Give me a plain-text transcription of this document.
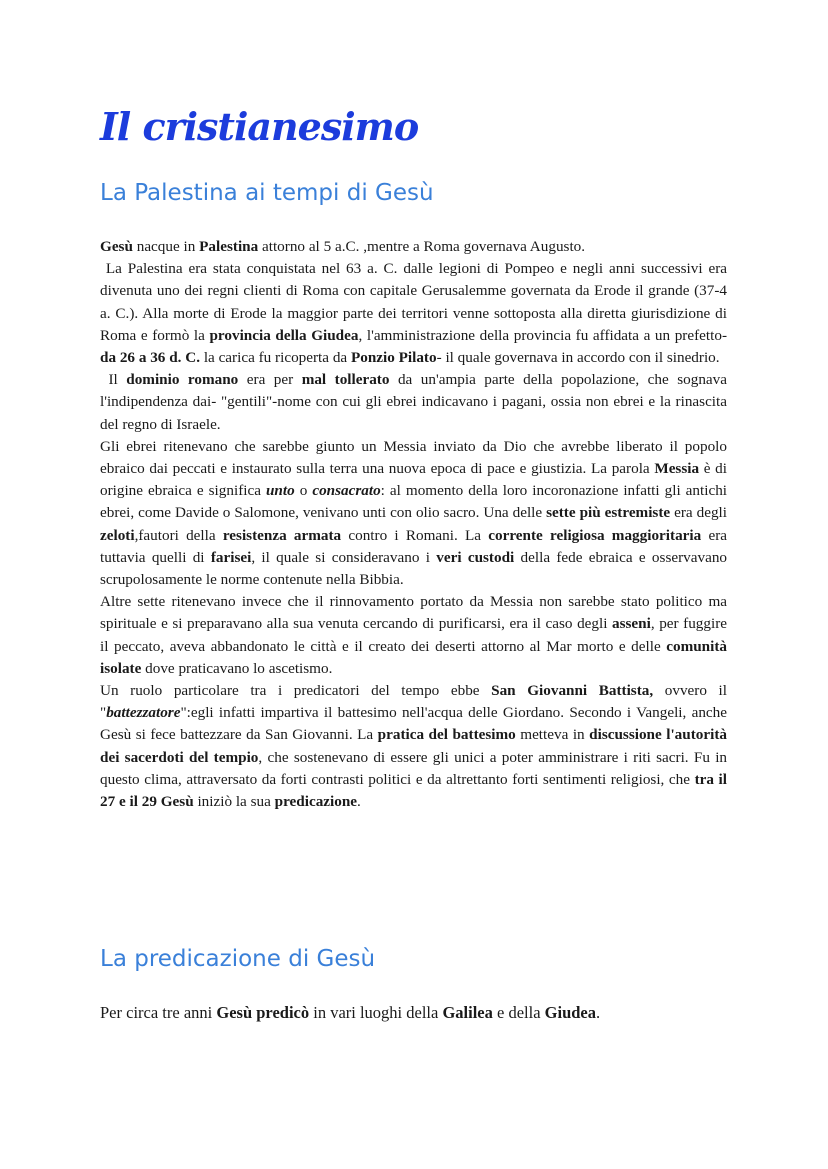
Il cristianesimo
La Palestina ai tempi di Gesù

Gesù nacque in Palestina attorno al 5 a.C. ,mentre a Roma governava Augusto.

La Palestina era stata conquistata nel 63 a. C. dalle legioni di Pompeo e negli anni successivi era divenuta uno dei regni clienti di Roma con capitale Gerusalemme governata da Erode il grande (37-4 a. C.). Alla morte di Erode la maggior parte dei territori venne sottoposta alla diretta giurisdizione di Roma e formò la provincia della Giudea, l'amministrazione della provincia fu affidata a un prefetto-da 26 a 36 d. C. la carica fu ricoperta da Ponzio Pilato- il quale governava in accordo con il sinedrio.

Il dominio romano era per mal tollerato da un'ampia parte della popolazione, che sognava l'indipendenza dai- "gentili"-nome con cui gli ebrei indicavano i pagani, ossia non ebrei e la rinascita del regno di Israele.

Gli ebrei ritenevano che sarebbe giunto un Messia inviato da Dio che avrebbe liberato il popolo ebraico dai peccati e instaurato sulla terra una nuova epoca di pace e giustizia. La parola Messia è di origine ebraica e significa unto o consacrato: al momento della loro incoronazione infatti gli antichi ebrei, come Davide o Salomone, venivano unti con olio sacro. Una delle sette più estremiste era degli zeloti,fautori della resistenza armata contro i Romani. La corrente religiosa maggioritaria era tuttavia quelli di farisei, il quale si consideravano i veri custodi della fede ebraica e osservavano scrupolosamente le norme contenute nella Bibbia.

Altre sette ritenevano invece che il rinnovamento portato da Messia non sarebbe stato politico ma spirituale e si preparavano alla sua venuta cercando di purificarsi, era il caso degli asseni, per fuggire il peccato, aveva abbandonato le città e il creato dei deserti attorno al Mar morto e delle comunità isolate dove praticavano lo ascetismo.

Un ruolo particolare tra i predicatori del tempo ebbe San Giovanni Battista, ovvero il "battezzatore":egli infatti impartiva il battesimo nell'acqua delle Giordano. Secondo i Vangeli, anche Gesù si fece battezzare da San Giovanni. La pratica del battesimo metteva in discussione l'autorità dei sacerdoti del tempio, che sostenevano di essere gli unici a poter amministrare i riti sacri. Fu in questo clima, attraversato da forti contrasti politici e da altrettanto forti sentimenti religiosi, che tra il 27 e il 29 Gesù iniziò la sua predicazione.

La predicazione di Gesù

Per circa tre anni Gesù predicò in vari luoghi della Galilea e della Giudea.
